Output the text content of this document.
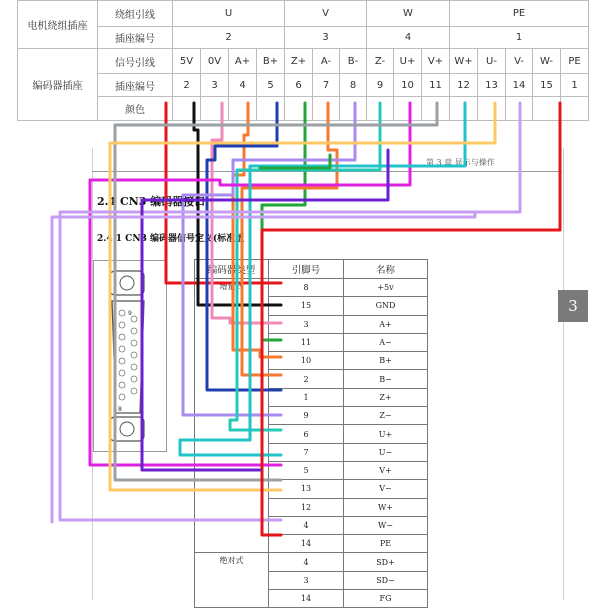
电机绕组插座	绕组引线	U				V			W			PE				
	插座编号	2				3			4			1				
编码器插座	信号引线	5V	0V	A+	B+	Z+	A-	B-	Z-	U+	V+	W+	U-	V-	W-	PE
	插座编号	2	3	4	5	6	7	8	9	10	11	12	13	14	15	1
	颜色															
第 3 章 显示与操作
2.4 CN3 编码器接口
2.4.1 CN3 编码器信号定义(标准版
9
8
编码器类型	引脚号	名称
增量式	8	+5v
	15	GND
	3	A+
	11	A−
	10	B+
	2	B−
	1	Z+
	9	Z−
	6	U+
	7	U−
	5	V+
	13	V−
	12	W+
	4	W−
	14	PE
绝对式	4	SD+
	3	SD−
	14	FG
3
